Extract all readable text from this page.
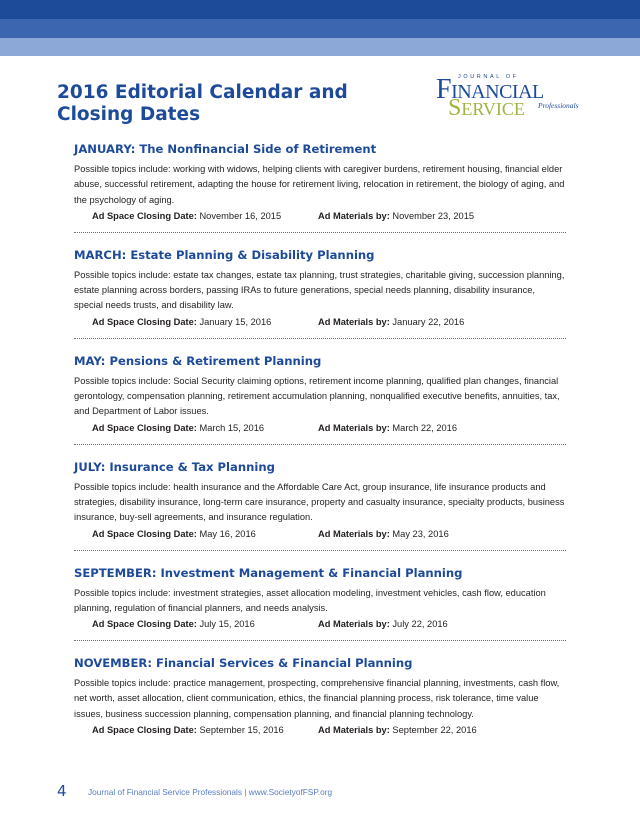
2016 Editorial Calendar and
Closing Dates
JOURNAL OF
FINANCIAL
SERVICE Professionals
JANUARY: The Nonfinancial Side of Retirement

Possible topics include: working with widows, helping clients with caregiver burdens, retirement housing, financial elder abuse, successful retirement, adapting the house for retirement living, relocation in retirement, the biology of aging, and the psychology of aging.

Ad Space Closing Date: November 16, 2015	Ad Materials by: November 23, 2015
MARCH: Estate Planning & Disability Planning

Possible topics include: estate tax changes, estate tax planning, trust strategies, charitable giving, succession planning, estate planning across borders, passing IRAs to future generations, special needs planning, disability insurance, special needs trusts, and disability law.

Ad Space Closing Date: January 15, 2016	Ad Materials by: January 22, 2016
MAY: Pensions & Retirement Planning

Possible topics include: Social Security claiming options, retirement income planning, qualified plan changes, financial gerontology, compensation planning, retirement accumulation planning, nonqualified executive benefits, annuities, tax, and Department of Labor issues.

Ad Space Closing Date: March 15, 2016	Ad Materials by: March 22, 2016
JULY: Insurance & Tax Planning

Possible topics include: health insurance and the Affordable Care Act, group insurance, life insurance products and strategies, disability insurance, long-term care insurance, property and casualty insurance, specialty products, business insurance, buy-sell agreements, and insurance regulation.

Ad Space Closing Date: May 16, 2016	Ad Materials by: May 23, 2016
SEPTEMBER: Investment Management & Financial Planning

Possible topics include: investment strategies, asset allocation modeling, investment vehicles, cash flow, education planning, regulation of financial planners, and needs analysis.

Ad Space Closing Date: July 15, 2016	Ad Materials by: July 22, 2016
NOVEMBER: Financial Services & Financial Planning

Possible topics include: practice management, prospecting, comprehensive financial planning, investments, cash flow, net worth, asset allocation, client communication, ethics, the financial planning process, risk tolerance, time value issues, business succession planning, compensation planning, and financial planning technology.

Ad Space Closing Date: September 15, 2016	Ad Materials by: September 22, 2016
4	Journal of Financial Service Professionals | www.SocietyofFSP.org
